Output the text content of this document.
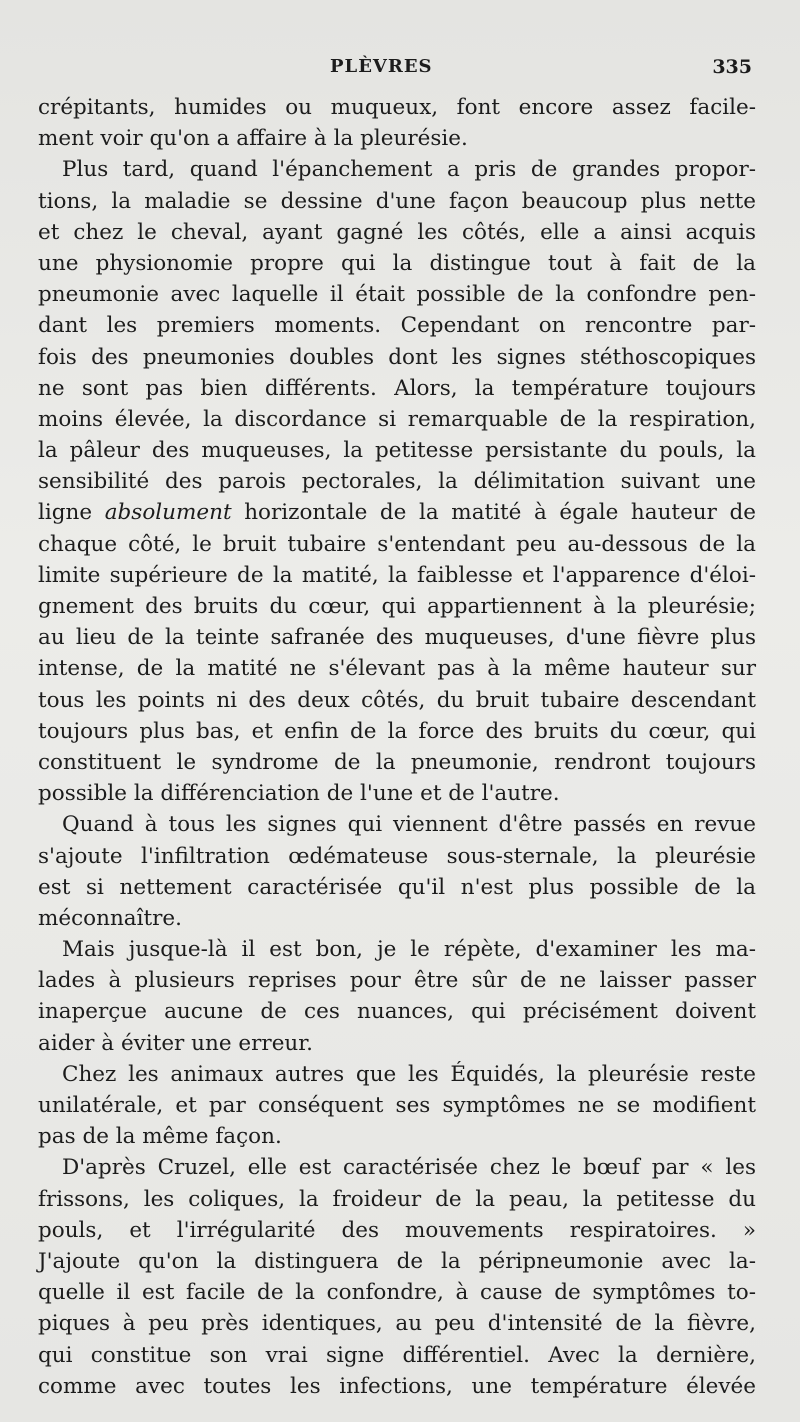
PLÈVRES	335
crépitants, humides ou muqueux, font encore assez facile-
ment voir qu'on a affaire à la pleurésie.
Plus tard, quand l'épanchement a pris de grandes propor-
tions, la maladie se dessine d'une façon beaucoup plus nette
et chez le cheval, ayant gagné les côtés, elle a ainsi acquis
une physionomie propre qui la distingue tout à fait de la
pneumonie avec laquelle il était possible de la confondre pen-
dant les premiers moments. Cependant on rencontre par-
fois des pneumonies doubles dont les signes stéthoscopiques
ne sont pas bien différents. Alors, la température toujours
moins élevée, la discordance si remarquable de la respiration,
la pâleur des muqueuses, la petitesse persistante du pouls, la
sensibilité des parois pectorales, la délimitation suivant une
ligne absolument horizontale de la matité à égale hauteur de
chaque côté, le bruit tubaire s'entendant peu au-dessous de la
limite supérieure de la matité, la faiblesse et l'apparence d'éloi-
gnement des bruits du cœur, qui appartiennent à la pleurésie;
au lieu de la teinte safranée des muqueuses, d'une fièvre plus
intense, de la matité ne s'élevant pas à la même hauteur sur
tous les points ni des deux côtés, du bruit tubaire descendant
toujours plus bas, et enfin de la force des bruits du cœur, qui
constituent le syndrome de la pneumonie, rendront toujours
possible la différenciation de l'une et de l'autre.
Quand à tous les signes qui viennent d'être passés en revue
s'ajoute l'infiltration œdémateuse sous-sternale, la pleurésie
est si nettement caractérisée qu'il n'est plus possible de la
méconnaître.
Mais jusque-là il est bon, je le répète, d'examiner les ma-
lades à plusieurs reprises pour être sûr de ne laisser passer
inaperçue aucune de ces nuances, qui précisément doivent
aider à éviter une erreur.
Chez les animaux autres que les Équidés, la pleurésie reste
unilatérale, et par conséquent ses symptômes ne se modifient
pas de la même façon.
D'après Cruzel, elle est caractérisée chez le bœuf par « les
frissons, les coliques, la froideur de la peau, la petitesse du
pouls, et l'irrégularité des mouvements respiratoires. »
J'ajoute qu'on la distinguera de la péripneumonie avec la-
quelle il est facile de la confondre, à cause de symptômes to-
piques à peu près identiques, au peu d'intensité de la fièvre,
qui constitue son vrai signe différentiel. Avec la dernière,
comme avec toutes les infections, une température élevée
